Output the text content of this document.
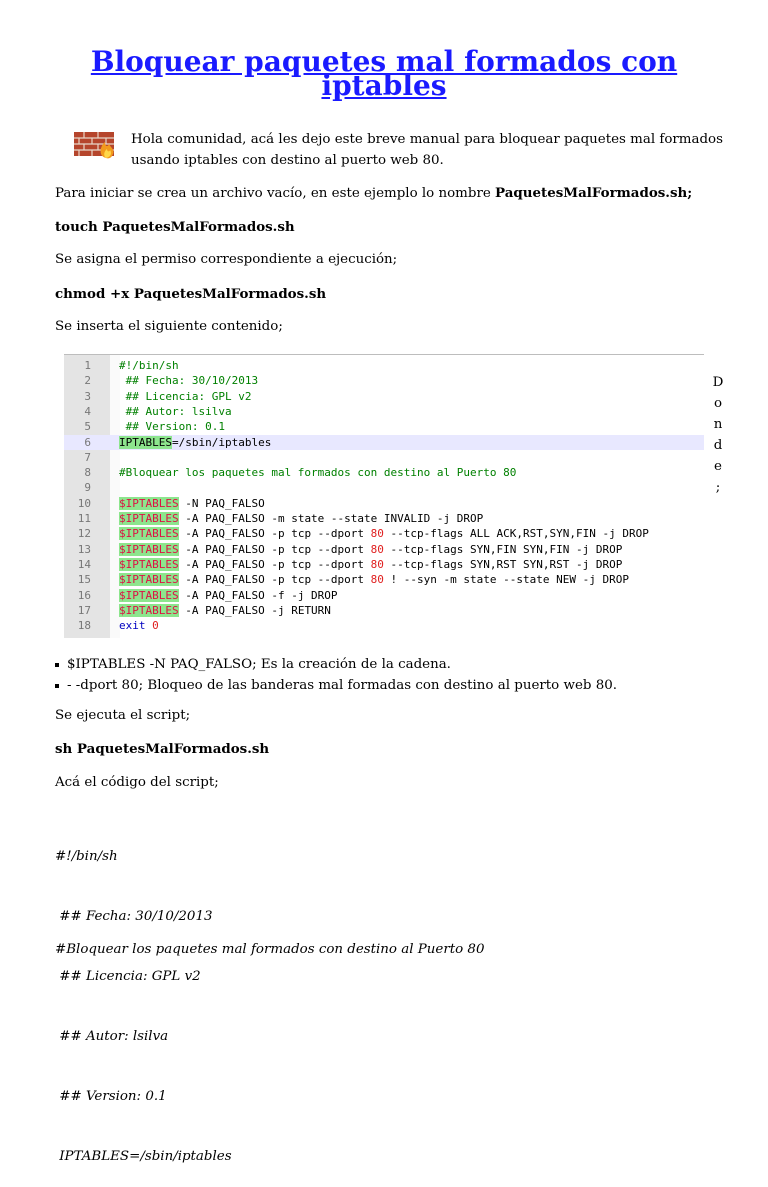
Bloquear paquetes mal formados con iptables
Hola comunidad, acá les dejo este breve manual para bloquear paquetes mal formados usando iptables con destino al puerto web 80.
Para iniciar se crea un archivo vacío, en este ejemplo lo nombre PaquetesMalFormados.sh;
touch PaquetesMalFormados.sh
Se asigna el permiso correspondiente a ejecución;
chmod +x PaquetesMalFormados.sh
Se inserta el siguiente contenido;
1	#!/bin/sh
2	## Fecha: 30/10/2013
3	## Licencia: GPL v2
4	## Autor: lsilva
5	## Version: 0.1
6	IPTABLES=/sbin/iptables
7
8	#Bloquear los paquetes mal formados con destino al Puerto 80
9
10	$IPTABLES -N PAQ_FALSO
11	$IPTABLES -A PAQ_FALSO -m state --state INVALID -j DROP
12	$IPTABLES -A PAQ_FALSO -p tcp --dport 80 --tcp-flags ALL ACK,RST,SYN,FIN -j DROP
13	$IPTABLES -A PAQ_FALSO -p tcp --dport 80 --tcp-flags SYN,FIN SYN,FIN -j DROP
14	$IPTABLES -A PAQ_FALSO -p tcp --dport 80 --tcp-flags SYN,RST SYN,RST -j DROP
15	$IPTABLES -A PAQ_FALSO -p tcp --dport 80 ! --syn -m state --state NEW -j DROP
16	$IPTABLES -A PAQ_FALSO -f -j DROP
17	$IPTABLES -A PAQ_FALSO -j RETURN
18	exit 0
D
o
n
d
e
;
$IPTABLES -N PAQ_FALSO; Es la creación de la cadena.
- -dport 80; Bloqueo de las banderas mal formadas con destino al puerto web 80.
Se ejecuta el script;
sh PaquetesMalFormados.sh
Acá el código del script;

#!/bin/sh

## Fecha: 30/10/2013

## Licencia: GPL v2

## Autor: lsilva

## Version: 0.1

IPTABLES=/sbin/iptables

#Bloquear los paquetes mal formados con destino al Puerto 80
